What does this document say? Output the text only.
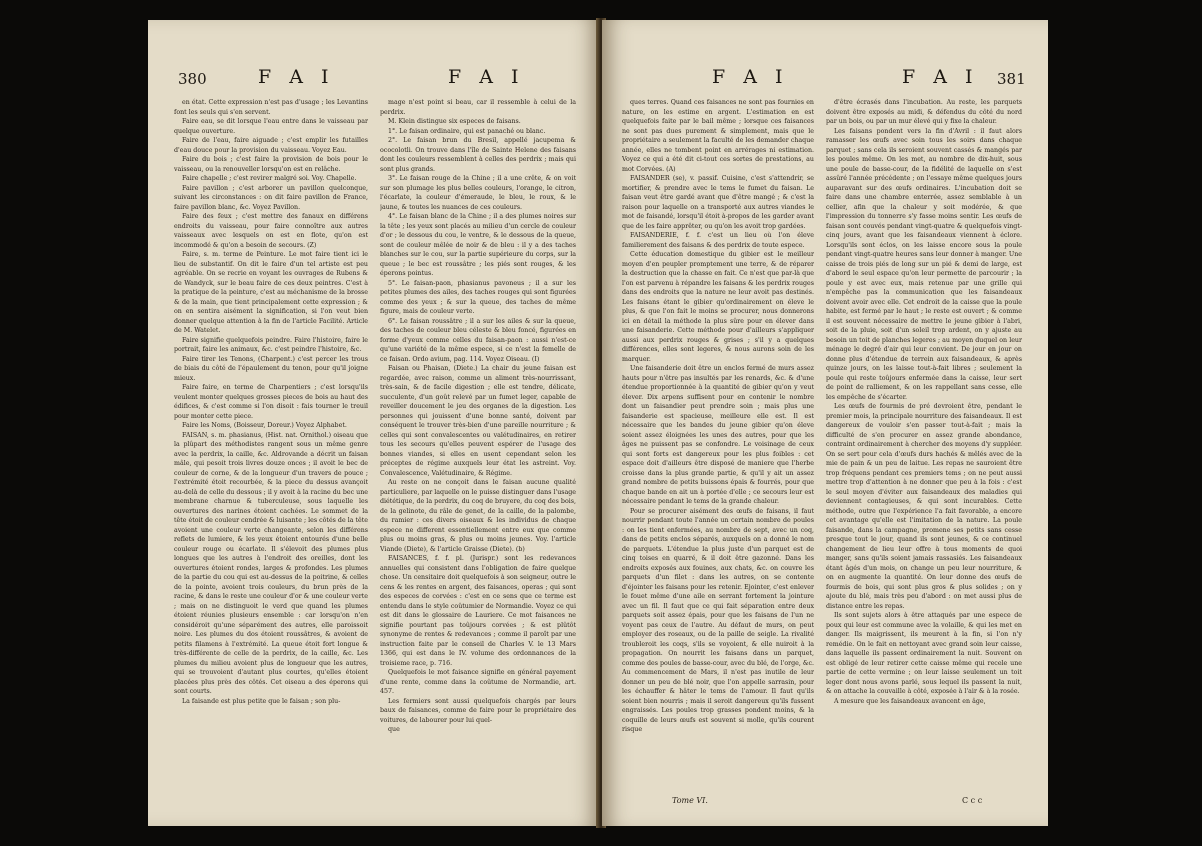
380	F A I	F A I

en état. Cette expression n'est pas d'usage ; les Levantins font les seuls qui s'en servent.

Faire eau, se dit lorsque l'eau entre dans le vaisseau par quelque ouverture.

Faire de l'eau, faire aiguade ; c'est emplir les futailles d'eau douce pour la provision du vaisseau. Voyez Eau.

Faire du bois ; c'est faire la provision de bois pour le vaisseau, ou la renouveller lorsqu'on est en relâche.

Faire chapelle ; c'est revirer malgré soi. Voy. Chapelle.

Faire pavillon ; c'est arborer un pavillon quelconque, suivant les circonstances : on dit faire pavillon de France, faire pavillon blanc, &c. Voyez Pavillon.

Faire des feux ; c'est mettre des fanaux en différens endroits du vaisseau, pour faire connoître aux autres vaisseaux avec lesquels on est en flote, qu'on est incommodé & qu'on a besoin de secours. (Z)

Faire, s. m. terme de Peinture. Le mot faire tient ici le lieu de substantif. On dit le faire d'un tel artiste est peu agréable. On se recrie en voyant les ouvrages de Rubens & de Wandyck, sur le beau faire de ces deux peintres. C'est à la pratique de la peinture, c'est au méchanisme de la brosse & de la main, que tient principalement cette expression ; & on en sentira aisément la signification, si l'on veut bien donner quelque attention à la fin de l'article Facilité. Article de M. Watelet.

Faire signifie quelquefois peindre. Faire l'histoire, faire le portrait, faire les animaux, &c. c'est peindre l'histoire, &c.

Faire tirer les Tenons, (Charpent.) c'est percer les trous de biais du côté de l'épaulement du tenon, pour qu'il joigne mieux.

Faire faire, en terme de Charpentiers ; c'est lorsqu'ils veulent monter quelques grosses pieces de bois au haut des édifices, & c'est comme si l'on disoit : fais tourner le treuil pour monter cette piece.

Faire les Noms, (Boisseur, Doreur.) Voyez Alphabet.

FAISAN, s. m. phasianus, (Hist. nat. Ornithol.) oiseau que la plûpart des méthodistes rangent sous un même genre avec la perdrix, la caille, &c. Aldrovande a décrit un faisan mâle, qui pesoit trois livres douze onces ; il avoit le bec de couleur de corne, & de la longueur d'un travers de pouce ; l'extrémité étoit recourbée, & la piece du dessus avançoit au-delà de celle du dessous ; il y avoit à la racine du bec une membrane charnue & tuberculeuse, sous laquelle les ouvertures des narines étoient cachées. Le sommet de la tête étoit de couleur cendrée & luisante ; les côtés de la tête avoient une couleur verte changeante, selon les différens reflets de lumiere, & les yeux étoient entourés d'une belle couleur rouge ou écarlate. Il s'élevoit des plumes plus longues que les autres à l'endroit des oreilles, dont les ouvertures étoient rondes, larges & profondes. Les plumes de la partie du cou qui est au-dessus de la poitrine, & celles de la pointe, avoient trois couleurs, du brun près de la racine, & dans le reste une couleur d'or & une couleur verte ; mais on ne distinguoit le verd que quand les plumes étoient réunies plusieurs ensemble : car lorsqu'on n'en considéroit qu'une séparément des autres, elle paroissoit noire. Les plumes du dos étoient roussâtres, & avoient de petits filamens à l'extrémité. La queue étoit fort longue & très-différente de celle de la perdrix, de la caille, &c. Les plumes du milieu avoient plus de longueur que les autres, qui se trouvoient d'autant plus courtes, qu'elles étoient placées plus près des côtés. Cet oiseau a des éperons qui sont courts.

La faisande est plus petite que le faisan ; son plu-

mage n'est point si beau, car il ressemble à celui de la perdrix.

M. Klein distingue six especes de faisans.

1°. Le faisan ordinaire, qui est panaché ou blanc.

2°. Le faisan brun du Bresil, appellé jacupema & ococolotli. On trouve dans l'île de Sainte Helene des faisans dont les couleurs ressemblent à celles des perdrix ; mais qui sont plus grands.

3°. Le faisan rouge de la Chine ; il a une crête, & on voit sur son plumage les plus belles couleurs, l'orange, le citron, l'écarlate, la couleur d'émeraude, le bleu, le roux, & le jaune, & toutes les nuances de ces couleurs.

4°. Le faisan blanc de la Chine ; il a des plumes noires sur la tête ; les yeux sont placés au milieu d'un cercle de couleur d'or ; le dessous du cou, le ventre, & le dessous de la queue, sont de couleur mêlée de noir & de bleu : il y a des taches blanches sur le cou, sur la partie supérieure du corps, sur la queue ; le bec est roussâtre ; les piés sont rouges, & les éperons pointus.

5°. Le faisan-paon, phasianus pavoneus ; il a sur les petites plumes des ailes, des taches rouges qui sont figurées comme des yeux ; & sur la queue, des taches de même figure, mais de couleur verte.

6°. Le faisan roussâtre ; il a sur les ailes & sur la queue, des taches de couleur bleu céleste & bleu foncé, figurées en forme d'yeux comme celles du faisan-paon : aussi n'est-ce qu'une variété de la même espece, si ce n'est la femelle de ce faisan. Ordo avium, pag. 114. Voyez Oiseau. (I)

Faisan ou Phaisan, (Diete.) La chair du jeune faisan est regardée, avec raison, comme un aliment très-nourrissant, très-sain, & de facile digestion ; elle est tendre, délicate, succulente, d'un goût relevé par un fumet leger, capable de reveiller doucement le jeu des organes de la digestion. Les personnes qui jouissent d'une bonne santé, doivent par conséquent le trouver très-bien d'une pareille nourriture ; & celles qui sont convalescentes ou valétudinaires, en retirer tous les secours qu'elles peuvent espérer de l'usage des bonnes viandes, si elles en usent cependant selon les préceptes de régime auxquels leur état les astreint. Voy. Convalescence, Valétudinaire, & Régime.

Au reste on ne conçoit dans le faisan aucune qualité particuliere, par laquelle on le puisse distinguer dans l'usage diététique, de la perdrix, du coq de bruyere, du coq des bois, de la gelinote, du râle de genet, de la caille, de la palombe, du ramier : ces divers oiseaux & les individus de chaque espece ne different essentiellement entre eux que comme plus ou moins gras, & plus ou moins jeunes. Voy. l'article Viande (Diete), & l'article Graisse (Diete). (b)

FAISANCES, f. f. pl. (Jurispr.) sont les redevances annuelles qui consistent dans l'obligation de faire quelque chose. Un censitaire doit quelquefois à son seigneur, outre le cens & les rentes en argent, des faisances, operas ; qui sont des especes de corvées : c'est en ce sens que ce terme est entendu dans le style coûtumier de Normandie. Voyez ce qui est dit dans le glossaire de Lauriere. Ce mot faisances ne signifie pourtant pas toûjours corvées ; & est plûtôt synonyme de rentes & redevances ; comme il paroît par une instruction faite par le conseil de Charles V. le 13 Mars 1366, qui est dans le IV. volume des ordonnances de la troisieme race, p. 716.

Quelquefois le mot faisance signifie en général payement d'une rente, comme dans la coûtume de Normandie, art. 457.

Les fermiers sont aussi quelquefois chargés par leurs baux de faisances, comme de faire pour le propriétaire des voitures, de labourer pour lui quel-

que

F A I	F A I 381

ques terres. Quand ces faisances ne sont pas fournies en nature, on les estime en argent. L'estimation en est quelquefois faite par le bail même ; lorsque ces faisances ne sont pas dues purement & simplement, mais que le propriétaire a seulement la faculté de les demander chaque année, elles ne tombent point en arrérages ni estimation. Voyez ce qui a été dit ci-tout ces sortes de prestations, au mot Corvées. (A)

FAISANDER (se), v. passif. Cuisine, c'est s'attendrir, se mortifier, & prendre avec le tems le fumet du faisan. Le faisan veut être gardé avant que d'être mangé ; & c'est la raison pour laquelle on a transporté aux autres viandes le mot de faisandé, lorsqu'il étoit à-propos de les garder avant que de les faire apprêter, ou qu'on les avoit trop gardées.

FAISANDERIE, f. f. c'est un lieu où l'on éleve familierement des faisans & des perdrix de toute espece.

Cette éducation domestique du gibier est le meilleur moyen d'en peupler promptement une terre, & de réparer la destruction que la chasse en fait. Ce n'est que par-là que l'on est parvenu à répandre les faisans & les perdrix rouges dans des endroits que la nature ne leur avoit pas destinés. Les faisans étant le gibier qu'ordinairement on éleve le plus, & que l'on fait le moins se procurer, nous donnerons ici en détail la méthode la plus sûre pour en élever dans une faisanderie. Cette méthode pour d'ailleurs s'appliquer aussi aux perdrix rouges & grises ; s'il y a quelques différences, elles sont legeres, & nous aurons soin de les marquer.

Une faisanderie doit être un enclos fermé de murs assez hauts pour n'être pas insultés par les renards, &c. & d'une étendue proportionnée à la quantité de gibier qu'on y veut élever. Dix arpens suffisent pour en contenir le nombre dont un faisandier peut prendre soin ; mais plus une faisanderie est spacieuse, meilleure elle est. Il est nécessaire que les bandes du jeune gibier qu'on éleve soient assez éloignées les unes des autres, pour que les âges ne puissent pas se confondre. Le voisinage de ceux qui sont forts est dangereux pour les plus foibles : cet espace doit d'ailleurs être disposé de maniere que l'herbe croisse dans la plus grande partie, & qu'il y ait un assez grand nombre de petits buissons épais & fourrés, pour que chaque bande en ait un à portée d'elle ; ce secours leur est nécessaire pendant le tems de la grande chaleur.

Pour se procurer aisément des œufs de faisans, il faut nourrir pendant toute l'année un certain nombre de poules : on les tient enfermées, au nombre de sept, avec un coq, dans de petits enclos séparés, auxquels on a donné le nom de parquets. L'étendue la plus juste d'un parquet est de cinq toises en quarré, & il doit être gazonné. Dans les endroits exposés aux fouines, aux chats, &c. on couvre les parquets d'un filet : dans les autres, on se contente d'éjointer les faisans pour les retenir. Ejointer, c'est enlever le fouet même d'une aile en serrant fortement la jointure avec un fil. Il faut que ce qui fait séparation entre deux parquets soit assez épais, pour que les faisans de l'un ne voyent pas ceux de l'autre. Au défaut de murs, on peut employer des roseaux, ou de la paille de seigle. La rivalité troubleroit les coqs, s'ils se voyoient, & elle nuiroit à la propagation. On nourrit les faisans dans un parquet, comme des poules de basse-cour, avec du blé, de l'orge, &c. Au commencement de Mars, il n'est pas inutile de leur donner un peu de blé noir, que l'on appelle sarrasin, pour les échauffer & hâter le tems de l'amour. Il faut qu'ils soient bien nourris ; mais il seroit dangereux qu'ils fussent engraissés. Les poules trop grasses pondent moins, & la coquille de leurs œufs est souvent si molle, qu'ils courent risque

d'être écrasés dans l'incubation. Au reste, les parquets doivent être exposés au midi, & défendus du côté du nord par un bois, ou par un mur élevé qui y fixe la chaleur.

Les faisans pondent vers la fin d'Avril : il faut alors ramasser les œufs avec soin tous les soirs dans chaque parquet ; sans cela ils seroient souvent cassés & mangés par les poules même. On les met, au nombre de dix-huit, sous une poule de basse-cour, de la fidélité de laquelle on s'est assûré l'année précédente ; on l'essaye même quelques jours auparavant sur des œufs ordinaires. L'incubation doit se faire dans une chambre enterrée, assez semblable à un cellier, afin que la chaleur y soit modérée, & que l'impression du tonnerre s'y fasse moins sentir. Les œufs de faisan sont couvés pendant vingt-quatre & quelquefois vingt-cinq jours, avant que les faisandeaux viennent à éclore. Lorsqu'ils sont éclos, on les laisse encore sous la poule pendant vingt-quatre heures sans leur donner à manger. Une caisse de trois piés de long sur un pié & demi de large, est d'abord le seul espace qu'on leur permette de parcourir ; la poule y est avec eux, mais retenue par une grille qui n'empêche pas la communication que les faisandeaux doivent avoir avec elle. Cet endroit de la caisse que la poule habite, est fermé par le haut ; le reste est ouvert ; & comme il est souvent nécessaire de mettre le jeune gibier à l'abri, soit de la pluie, soit d'un soleil trop ardent, on y ajuste au besoin un toit de planches legeres ; au moyen duquel on leur ménage le degré d'air qui leur convient. De jour en jour on donne plus d'étendue de terrein aux faisandeaux, & après quinze jours, on les laisse tout-à-fait libres ; seulement la poule qui reste toûjours enfermée dans la caisse, leur sert de point de ralliement, & on les rappellant sans cesse, elle les empêche de s'écarter.

Les œufs de fourmis de pré devroient être, pendant le premier mois, la principale nourriture des faisandeaux. Il est dangereux de vouloir s'en passer tout-à-fait ; mais la difficulté de s'en procurer en assez grande abondance, contraint ordinairement à chercher des moyens d'y suppléer. On se sert pour cela d'œufs durs hachés & mêlés avec de la mie de pain & un peu de laitue. Les repas ne sauroient être trop fréquens pendant ces premiers tems ; on ne peut aussi mettre trop d'attention à ne donner que peu à la fois : c'est le seul moyen d'éviter aux faisandeaux des maladies qui deviennent contagieuses, & qui sont incurables. Cette méthode, outre que l'expérience l'a fait favorable, a encore cet avantage qu'elle est l'imitation de la nature. La poule faisande, dans la campagne, promene ses petits sans cesse presque tout le jour, quand ils sont jeunes, & ce continuel changement de lieu leur offre à tous moments de quoi manger, sans qu'ils soient jamais rassasiés. Les faisandeaux étant âgés d'un mois, on change un peu leur nourriture, & on en augmente la quantité. On leur donne des œufs de fourmis de bois, qui sont plus gros & plus solides ; on y ajoute du blé, mais très peu d'abord : on met aussi plus de distance entre les repas.

Ils sont sujets alors à être attaqués par une espece de poux qui leur est commune avec la volaille, & qui les met en danger. Ils maigrissent, ils meurent à la fin, si l'on n'y remédie. On le fait en nettoyant avec grand soin leur caisse, dans laquelle ils passent ordinairement la nuit. Souvent on est obligé de leur retirer cette caisse même qui recele une partie de cette vermine ; on leur laisse seulement un toit leger dont nous avons parlé, sous lequel ils passent la nuit, & on attache la couvaille à côté, exposée à l'air & à la rosée.

A mesure que les faisandeaux avancent en âge,

Tome VI.	C c c
